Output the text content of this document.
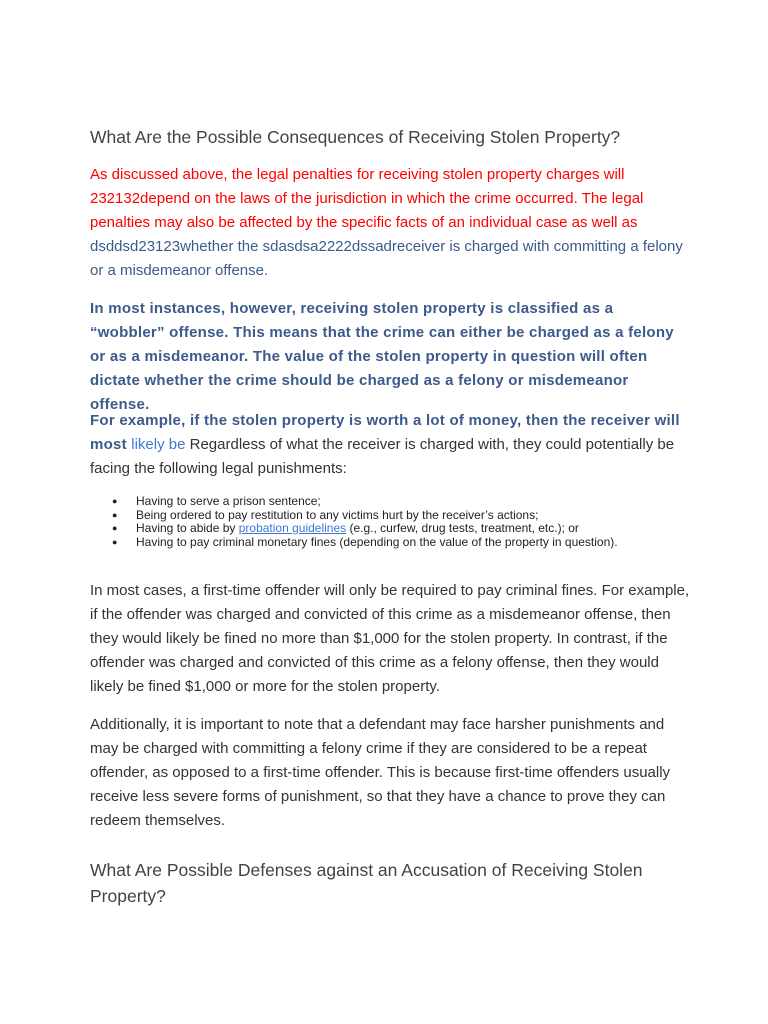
What Are the Possible Consequences of Receiving Stolen Property?

As discussed above, the legal penalties for receiving stolen property charges will 232132depend on the laws of the jurisdiction in which the crime occurred. The legal penalties may also be affected by the specific facts of an individual case as well as dsddsd23123whether the sdasdsa2222dssadreceiver is charged with committing a felony or a misdemeanor offense.

In most instances, however, receiving stolen property is classified as a “wobbler” offense. This means that the crime can either be charged as a felony or as a misdemeanor. The value of the stolen property in question will often dictate whether the crime should be charged as a felony or misdemeanor offense.

For example, if the stolen property is worth a lot of money, then the receiver will most likely be Regardless of what the receiver is charged with, they could potentially be facing the following legal punishments:

● Having to serve a prison sentence;
● Being ordered to pay restitution to any victims hurt by the receiver’s actions;
● Having to abide by probation guidelines (e.g., curfew, drug tests, treatment, etc.); or
● Having to pay criminal monetary fines (depending on the value of the property in question).

In most cases, a first-time offender will only be required to pay criminal fines. For example, if the offender was charged and convicted of this crime as a misdemeanor offense, then they would likely be fined no more than $1,000 for the stolen property. In contrast, if the offender was charged and convicted of this crime as a felony offense, then they would likely be fined $1,000 or more for the stolen property.

Additionally, it is important to note that a defendant may face harsher punishments and may be charged with committing a felony crime if they are considered to be a repeat offender, as opposed to a first-time offender. This is because first-time offenders usually receive less severe forms of punishment, so that they have a chance to prove they can redeem themselves.

What Are Possible Defenses against an Accusation of Receiving Stolen Property?
